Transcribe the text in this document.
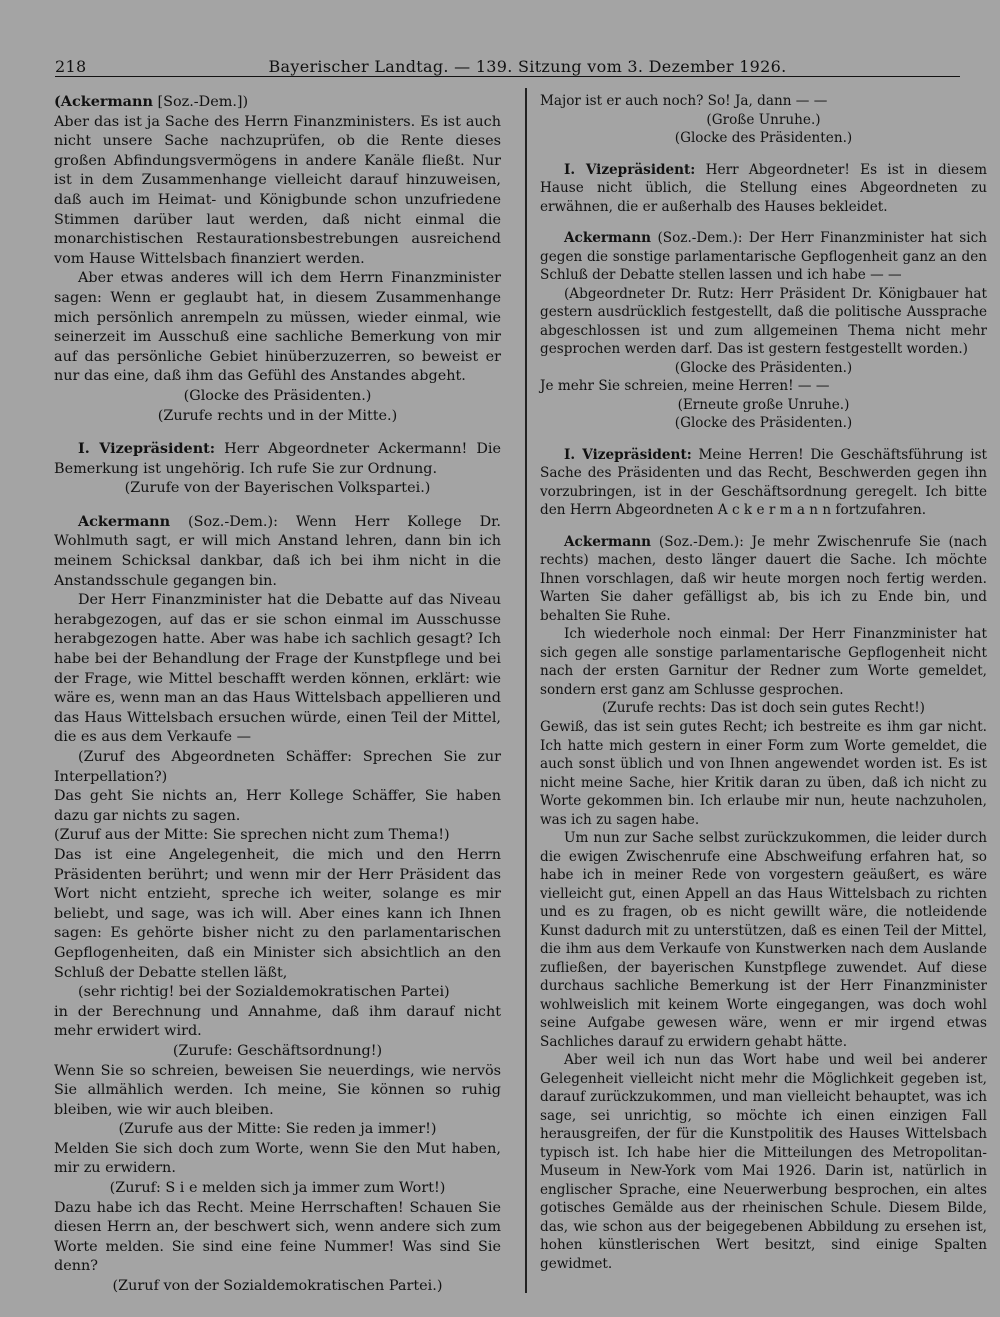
218	Bayerischer Landtag. — 139. Sitzung vom 3. Dezember 1926.

(Ackermann [Soz.-Dem.])

Aber das ist ja Sache des Herrn Finanzministers. Es ist auch nicht unsere Sache nachzuprüfen, ob die Rente dieses großen Abfindungsvermögens in andere Kanäle fließt. Nur ist in dem Zusammenhange vielleicht darauf hinzuweisen, daß auch im Heimat- und Königbunde schon unzufriedene Stimmen darüber laut werden, daß nicht einmal die monarchistischen Restaurationsbestrebungen ausreichend vom Hause Wittelsbach finanziert werden.

Aber etwas anderes will ich dem Herrn Finanzminister sagen: Wenn er geglaubt hat, in diesem Zusammenhange mich persönlich anrempeln zu müssen, wieder einmal, wie seinerzeit im Ausschuß eine sachliche Bemerkung von mir auf das persönliche Gebiet hinüberzuzerren, so beweist er nur das eine, daß ihm das Gefühl des Anstandes abgeht.

(Glocke des Präsidenten.)

(Zurufe rechts und in der Mitte.)

I. Vizepräsident: Herr Abgeordneter Ackermann! Die Bemerkung ist ungehörig. Ich rufe Sie zur Ordnung.

(Zurufe von der Bayerischen Volkspartei.)

Ackermann (Soz.-Dem.): Wenn Herr Kollege Dr. Wohlmuth sagt, er will mich Anstand lehren, dann bin ich meinem Schicksal dankbar, daß ich bei ihm nicht in die Anstandsschule gegangen bin.

Der Herr Finanzminister hat die Debatte auf das Niveau herabgezogen, auf das er sie schon einmal im Ausschusse herabgezogen hatte. Aber was habe ich sachlich gesagt? Ich habe bei der Behandlung der Frage der Kunstpflege und bei der Frage, wie Mittel beschafft werden können, erklärt: wie wäre es, wenn man an das Haus Wittelsbach appellieren und das Haus Wittelsbach ersuchen würde, einen Teil der Mittel, die es aus dem Verkaufe —

(Zuruf des Abgeordneten Schäffer: Sprechen Sie zur Interpellation?)

Das geht Sie nichts an, Herr Kollege Schäffer, Sie haben dazu gar nichts zu sagen.

(Zuruf aus der Mitte: Sie sprechen nicht zum Thema!)

Das ist eine Angelegenheit, die mich und den Herrn Präsidenten berührt; und wenn mir der Herr Präsident das Wort nicht entzieht, spreche ich weiter, solange es mir beliebt, und sage, was ich will. Aber eines kann ich Ihnen sagen: Es gehörte bisher nicht zu den parlamentarischen Gepflogenheiten, daß ein Minister sich absichtlich an den Schluß der Debatte stellen läßt,

(sehr richtig! bei der Sozialdemokratischen Partei)

in der Berechnung und Annahme, daß ihm darauf nicht mehr erwidert wird.

(Zurufe: Geschäftsordnung!)

Wenn Sie so schreien, beweisen Sie neuerdings, wie nervös Sie allmählich werden. Ich meine, Sie können so ruhig bleiben, wie wir auch bleiben.

(Zurufe aus der Mitte: Sie reden ja immer!)

Melden Sie sich doch zum Worte, wenn Sie den Mut haben, mir zu erwidern.

(Zuruf: S i e melden sich ja immer zum Wort!)

Dazu habe ich das Recht. Meine Herrschaften! Schauen Sie diesen Herrn an, der beschwert sich, wenn andere sich zum Worte melden. Sie sind eine feine Nummer! Was sind Sie denn?

(Zuruf von der Sozialdemokratischen Partei.)

Major ist er auch noch? So! Ja, dann — —

(Große Unruhe.)

(Glocke des Präsidenten.)

I. Vizepräsident: Herr Abgeordneter! Es ist in diesem Hause nicht üblich, die Stellung eines Abgeordneten zu erwähnen, die er außerhalb des Hauses bekleidet.

Ackermann (Soz.-Dem.): Der Herr Finanzminister hat sich gegen die sonstige parlamentarische Gepflogenheit ganz an den Schluß der Debatte stellen lassen und ich habe — —

(Abgeordneter Dr. Rutz: Herr Präsident Dr. Königbauer hat gestern ausdrücklich festgestellt, daß die politische Aussprache abgeschlossen ist und zum allgemeinen Thema nicht mehr gesprochen werden darf. Das ist gestern festgestellt worden.)

(Glocke des Präsidenten.)

Je mehr Sie schreien, meine Herren! — —

(Erneute große Unruhe.)

(Glocke des Präsidenten.)

I. Vizepräsident: Meine Herren! Die Geschäftsführung ist Sache des Präsidenten und das Recht, Beschwerden gegen ihn vorzubringen, ist in der Geschäftsordnung geregelt. Ich bitte den Herrn Abgeordneten A c k e r m a n n fortzufahren.

Ackermann (Soz.-Dem.): Je mehr Zwischenrufe Sie (nach rechts) machen, desto länger dauert die Sache. Ich möchte Ihnen vorschlagen, daß wir heute morgen noch fertig werden. Warten Sie daher gefälligst ab, bis ich zu Ende bin, und behalten Sie Ruhe.

Ich wiederhole noch einmal: Der Herr Finanzminister hat sich gegen alle sonstige parlamentarische Gepflogenheit nicht nach der ersten Garnitur der Redner zum Worte gemeldet, sondern erst ganz am Schlusse gesprochen.

(Zurufe rechts: Das ist doch sein gutes Recht!)

Gewiß, das ist sein gutes Recht; ich bestreite es ihm gar nicht. Ich hatte mich gestern in einer Form zum Worte gemeldet, die auch sonst üblich und von Ihnen angewendet worden ist. Es ist nicht meine Sache, hier Kritik daran zu üben, daß ich nicht zu Worte gekommen bin. Ich erlaube mir nun, heute nachzuholen, was ich zu sagen habe.

Um nun zur Sache selbst zurückzukommen, die leider durch die ewigen Zwischenrufe eine Abschweifung erfahren hat, so habe ich in meiner Rede von vorgestern geäußert, es wäre vielleicht gut, einen Appell an das Haus Wittelsbach zu richten und es zu fragen, ob es nicht gewillt wäre, die notleidende Kunst dadurch mit zu unterstützen, daß es einen Teil der Mittel, die ihm aus dem Verkaufe von Kunstwerken nach dem Auslande zufließen, der bayerischen Kunstpflege zuwendet. Auf diese durchaus sachliche Bemerkung ist der Herr Finanzminister wohlweislich mit keinem Worte eingegangen, was doch wohl seine Aufgabe gewesen wäre, wenn er mir irgend etwas Sachliches darauf zu erwidern gehabt hätte.

Aber weil ich nun das Wort habe und weil bei anderer Gelegenheit vielleicht nicht mehr die Möglichkeit gegeben ist, darauf zurückzukommen, und man vielleicht behauptet, was ich sage, sei unrichtig, so möchte ich einen einzigen Fall herausgreifen, der für die Kunstpolitik des Hauses Wittelsbach typisch ist. Ich habe hier die Mitteilungen des Metropolitan-Museum in New-York vom Mai 1926. Darin ist, natürlich in englischer Sprache, eine Neuerwerbung besprochen, ein altes gotisches Gemälde aus der rheinischen Schule. Diesem Bilde, das, wie schon aus der beigegebenen Abbildung zu ersehen ist, hohen künstlerischen Wert besitzt, sind einige Spalten gewidmet.
